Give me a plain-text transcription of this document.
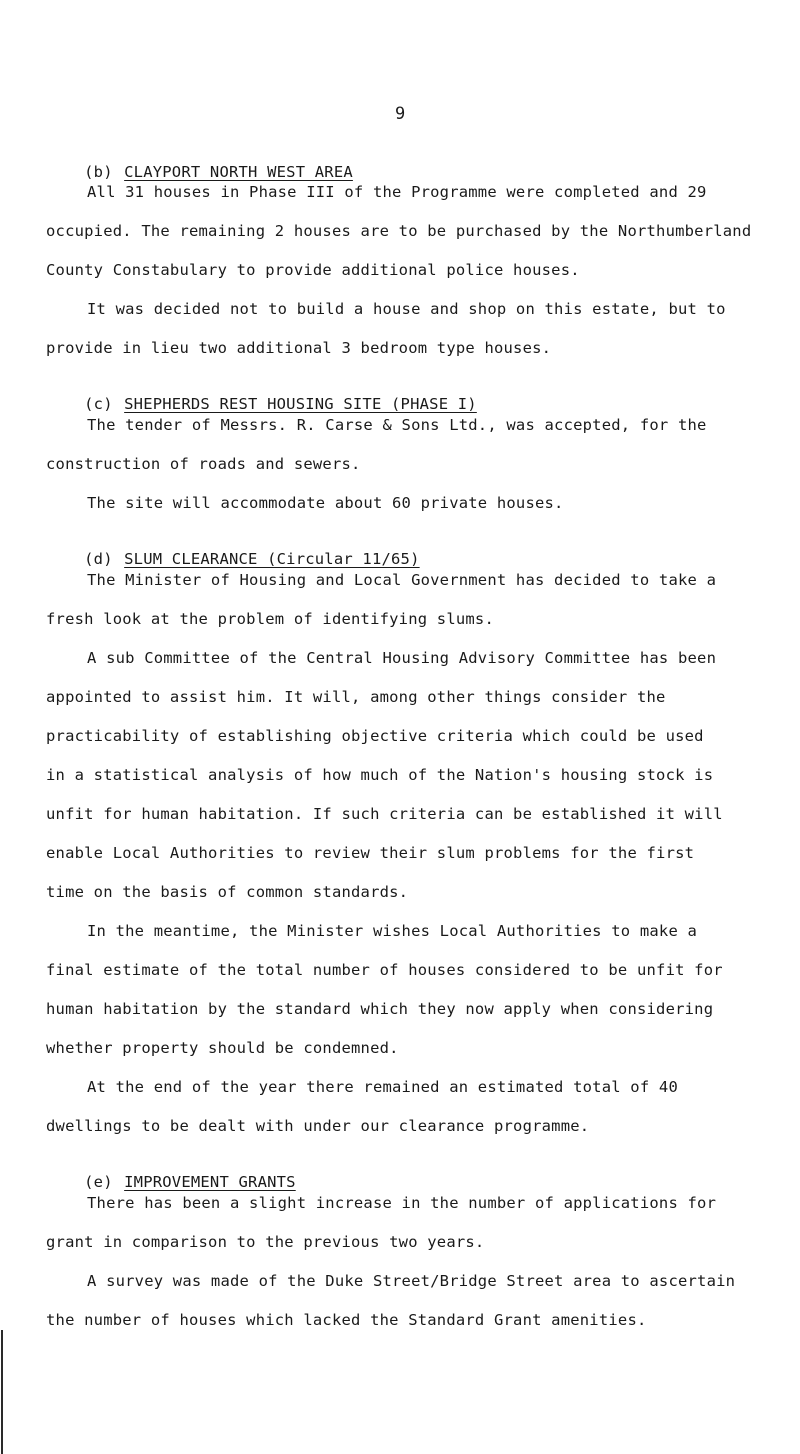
9

(b) CLAYPORT NORTH WEST AREA

All 31 houses in Phase III of the Programme were completed and 29
occupied. The remaining 2 houses are to be purchased by the Northumberland
County Constabulary to provide additional police houses.
It was decided not to build a house and shop on this estate, but to
provide in lieu two additional 3 bedroom type houses.

(c) SHEPHERDS REST HOUSING SITE (PHASE I)

The tender of Messrs. R. Carse & Sons Ltd., was accepted, for the
construction of roads and sewers.
The site will accommodate about 60 private houses.

(d) SLUM CLEARANCE (Circular 11/65)

The Minister of Housing and Local Government has decided to take a
fresh look at the problem of identifying slums.
A sub Committee of the Central Housing Advisory Committee has been
appointed to assist him. It will, among other things consider the
practicability of establishing objective criteria which could be used
in a statistical analysis of how much of the Nation's housing stock is
unfit for human habitation. If such criteria can be established it will
enable Local Authorities to review their slum problems for the first
time on the basis of common standards.
In the meantime, the Minister wishes Local Authorities to make a
final estimate of the total number of houses considered to be unfit for
human habitation by the standard which they now apply when considering
whether property should be condemned.
At the end of the year there remained an estimated total of 40
dwellings to be dealt with under our clearance programme.

(e) IMPROVEMENT GRANTS

There has been a slight increase in the number of applications for
grant in comparison to the previous two years.
A survey was made of the Duke Street/Bridge Street area to ascertain
the number of houses which lacked the Standard Grant amenities.
